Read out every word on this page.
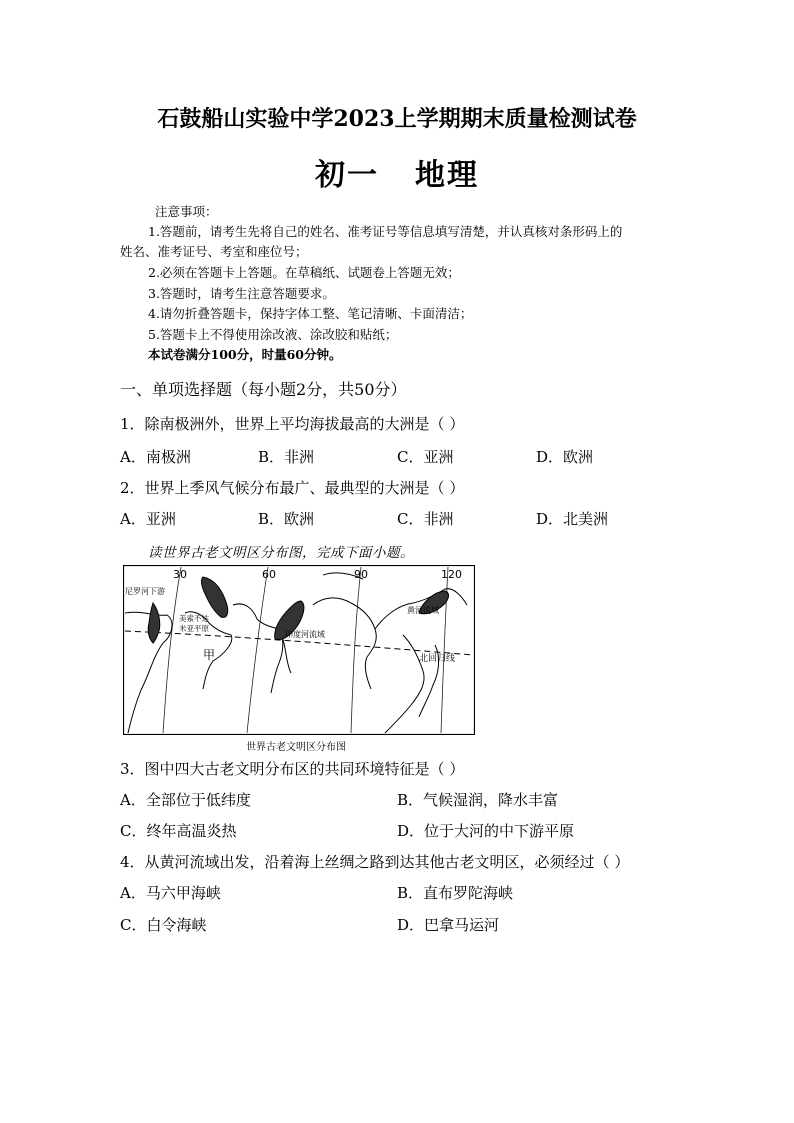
石鼓船山实验中学2023上学期期末质量检测试卷
初一 地理
注意事项：
1.答题前，请考生先将自己的姓名、准考证号等信息填写清楚，并认真核对条形码上的
姓名、准考证号、考室和座位号；
2.必须在答题卡上答题。在草稿纸、试题卷上答题无效；
3.答题时，请考生注意答题要求。
4.请勿折叠答题卡，保持字体工整、笔记清晰、卡面清洁；
5.答题卡上不得使用涂改液、涂改胶和贴纸；
本试卷满分100分，时量60分钟。
一、单项选择题（每小题2分，共50分）
1．除南极洲外，世界上平均海拔最高的大洲是（ ）
A．南极洲	B．非洲	C．亚洲	D．欧洲
2．世界上季风气候分布最广、最典型的大洲是（ ）
A．亚洲	B．欧洲	C．非洲	D．北美洲
读世界古老文明区分布图，完成下面小题。
30	60	90	120
尼罗河下游
美索不达
米亚平原
印度河流域
黄河流域
甲	北回归线
世界古老文明区分布图
3．图中四大古老文明分布区的共同环境特征是（ ）
A．全部位于低纬度	B．气候湿润，降水丰富
C．终年高温炎热	D．位于大河的中下游平原
4．从黄河流域出发，沿着海上丝绸之路到达其他古老文明区，必须经过（ ）
A．马六甲海峡	B．直布罗陀海峡
C．白令海峡	D．巴拿马运河
